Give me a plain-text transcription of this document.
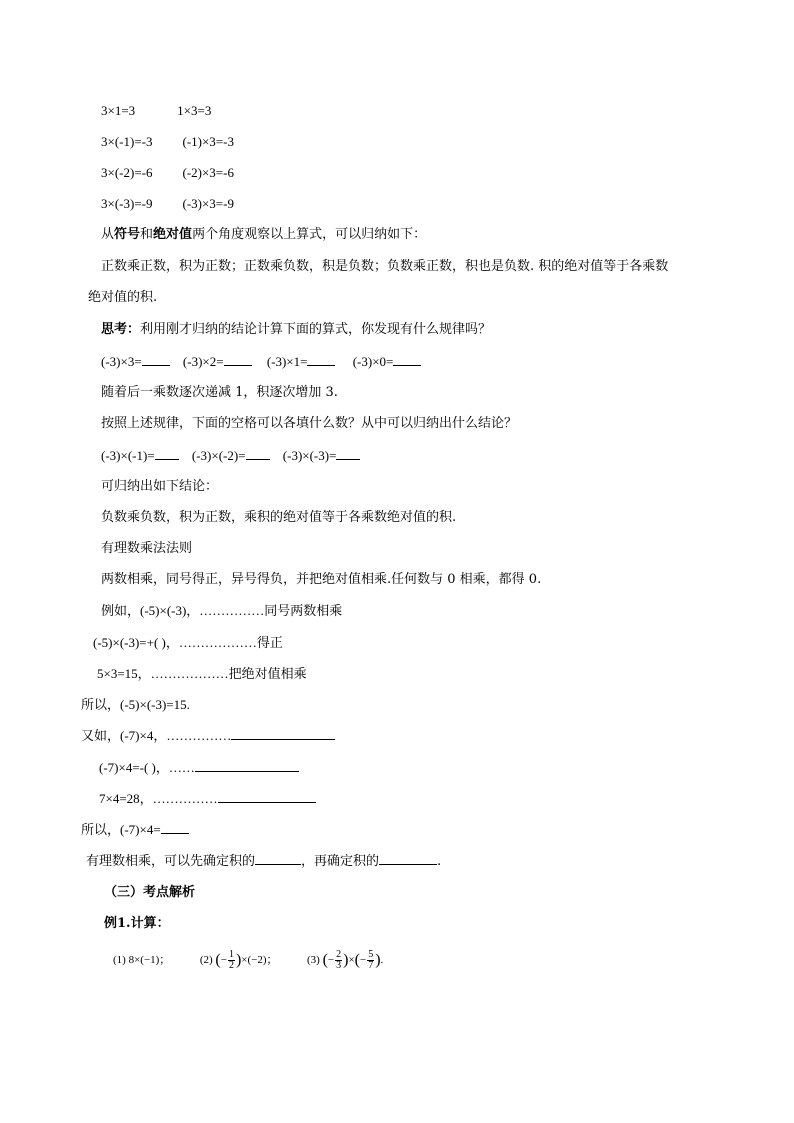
3×1=3	1×3=3
3×(-1)=-3 (-1)×3=-3
3×(-2)=-6 (-2)×3=-6
3×(-3)=-9 (-3)×3=-9
从符号和绝对值两个角度观察以上算式，可以归纳如下：
正数乘正数，积为正数；正数乘负数，积是负数；负数乘正数，积也是负数. 积的绝对值等于各乘数
绝对值的积.
思考：利用刚才归纳的结论计算下面的算式，你发现有什么规律吗？
(-3)×3=	(-3)×2=	(-3)×1=	(-3)×0=
随着后一乘数逐次递减 1，积逐次增加 3.
按照上述规律，下面的空格可以各填什么数？从中可以归纳出什么结论？
(-3)×(-1)=	(-3)×(-2)=	(-3)×(-3)=
可归纳出如下结论：
负数乘负数，积为正数，乘积的绝对值等于各乘数绝对值的积.
有理数乘法法则
两数相乘，同号得正，异号得负，并把绝对值相乘.任何数与 0 相乘，都得 0.
例如，(-5)×(-3)，……………同号两数相乘
(-5)×(-3)=+( )，………………得正
5×3=15，………………把绝对值相乘
所以，(-5)×(-3)=15.
又如，(-7)×4，……………
(-7)×4=-( )，……
7×4=28，……………
所以，(-7)×4=
有理数相乘，可以先确定积的	，再确定积的	.
（三）考点解析
例1.计算：
(1) 8×(−1)；	(2) (− $\frac{1}{2} )\times(-2)$；	(3) (− $\frac{2}{3}$ )×(− $\frac{5}{7}$ ).
